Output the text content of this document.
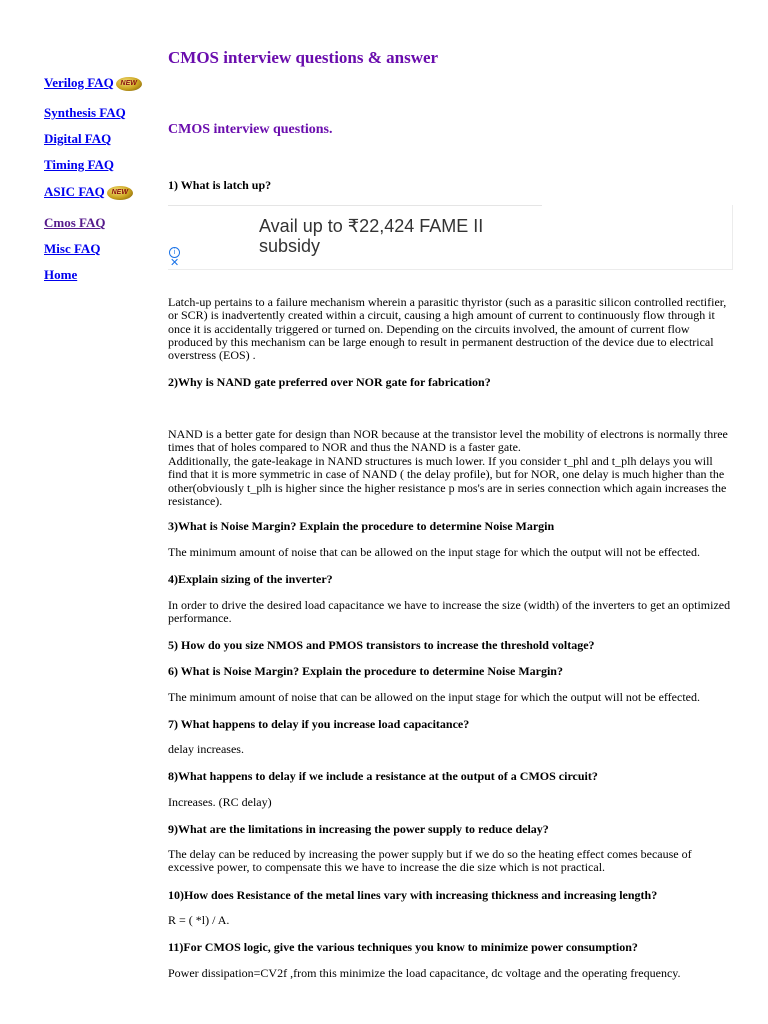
Verilog FAQ NEW
Synthesis FAQ
Digital FAQ
Timing FAQ
ASIC FAQ NEW
Cmos FAQ
Misc FAQ
Home
CMOS interview questions & answer
CMOS interview questions.

1) What is latch up?

Avail up to ₹22,424 FAME II subsidy
i
✕

Latch-up pertains to a failure mechanism wherein a parasitic thyristor (such as a parasitic silicon controlled rectifier, or SCR) is inadvertently created within a circuit, causing a high amount of current to continuously flow through it once it is accidentally triggered or turned on. Depending on the circuits involved, the amount of current flow produced by this mechanism can be large enough to result in permanent destruction of the device due to electrical overstress (EOS) .

2)Why is NAND gate preferred over NOR gate for fabrication?

NAND is a better gate for design than NOR because at the transistor level the mobility of electrons is normally three times that of holes compared to NOR and thus the NAND is a faster gate.

Additionally, the gate-leakage in NAND structures is much lower. If you consider t_phl and t_plh delays you will find that it is more symmetric in case of NAND ( the delay profile), but for NOR, one delay is much higher than the other(obviously t_plh is higher since the higher resistance p mos's are in series connection which again increases the resistance).

3)What is Noise Margin? Explain the procedure to determine Noise Margin

The minimum amount of noise that can be allowed on the input stage for which the output will not be effected.

4)Explain sizing of the inverter?

In order to drive the desired load capacitance we have to increase the size (width) of the inverters to get an optimized performance.

5) How do you size NMOS and PMOS transistors to increase the threshold voltage?

6) What is Noise Margin? Explain the procedure to determine Noise Margin?

The minimum amount of noise that can be allowed on the input stage for which the output will not be effected.

7) What happens to delay if you increase load capacitance?

delay increases.

8)What happens to delay if we include a resistance at the output of a CMOS circuit?

Increases. (RC delay)

9)What are the limitations in increasing the power supply to reduce delay?

The delay can be reduced by increasing the power supply but if we do so the heating effect comes because of excessive power, to compensate this we have to increase the die size which is not practical.

10)How does Resistance of the metal lines vary with increasing thickness and increasing length?

R = ( *l) / A.

11)For CMOS logic, give the various techniques you know to minimize power consumption?

Power dissipation=CV2f ,from this minimize the load capacitance, dc voltage and the operating frequency.
